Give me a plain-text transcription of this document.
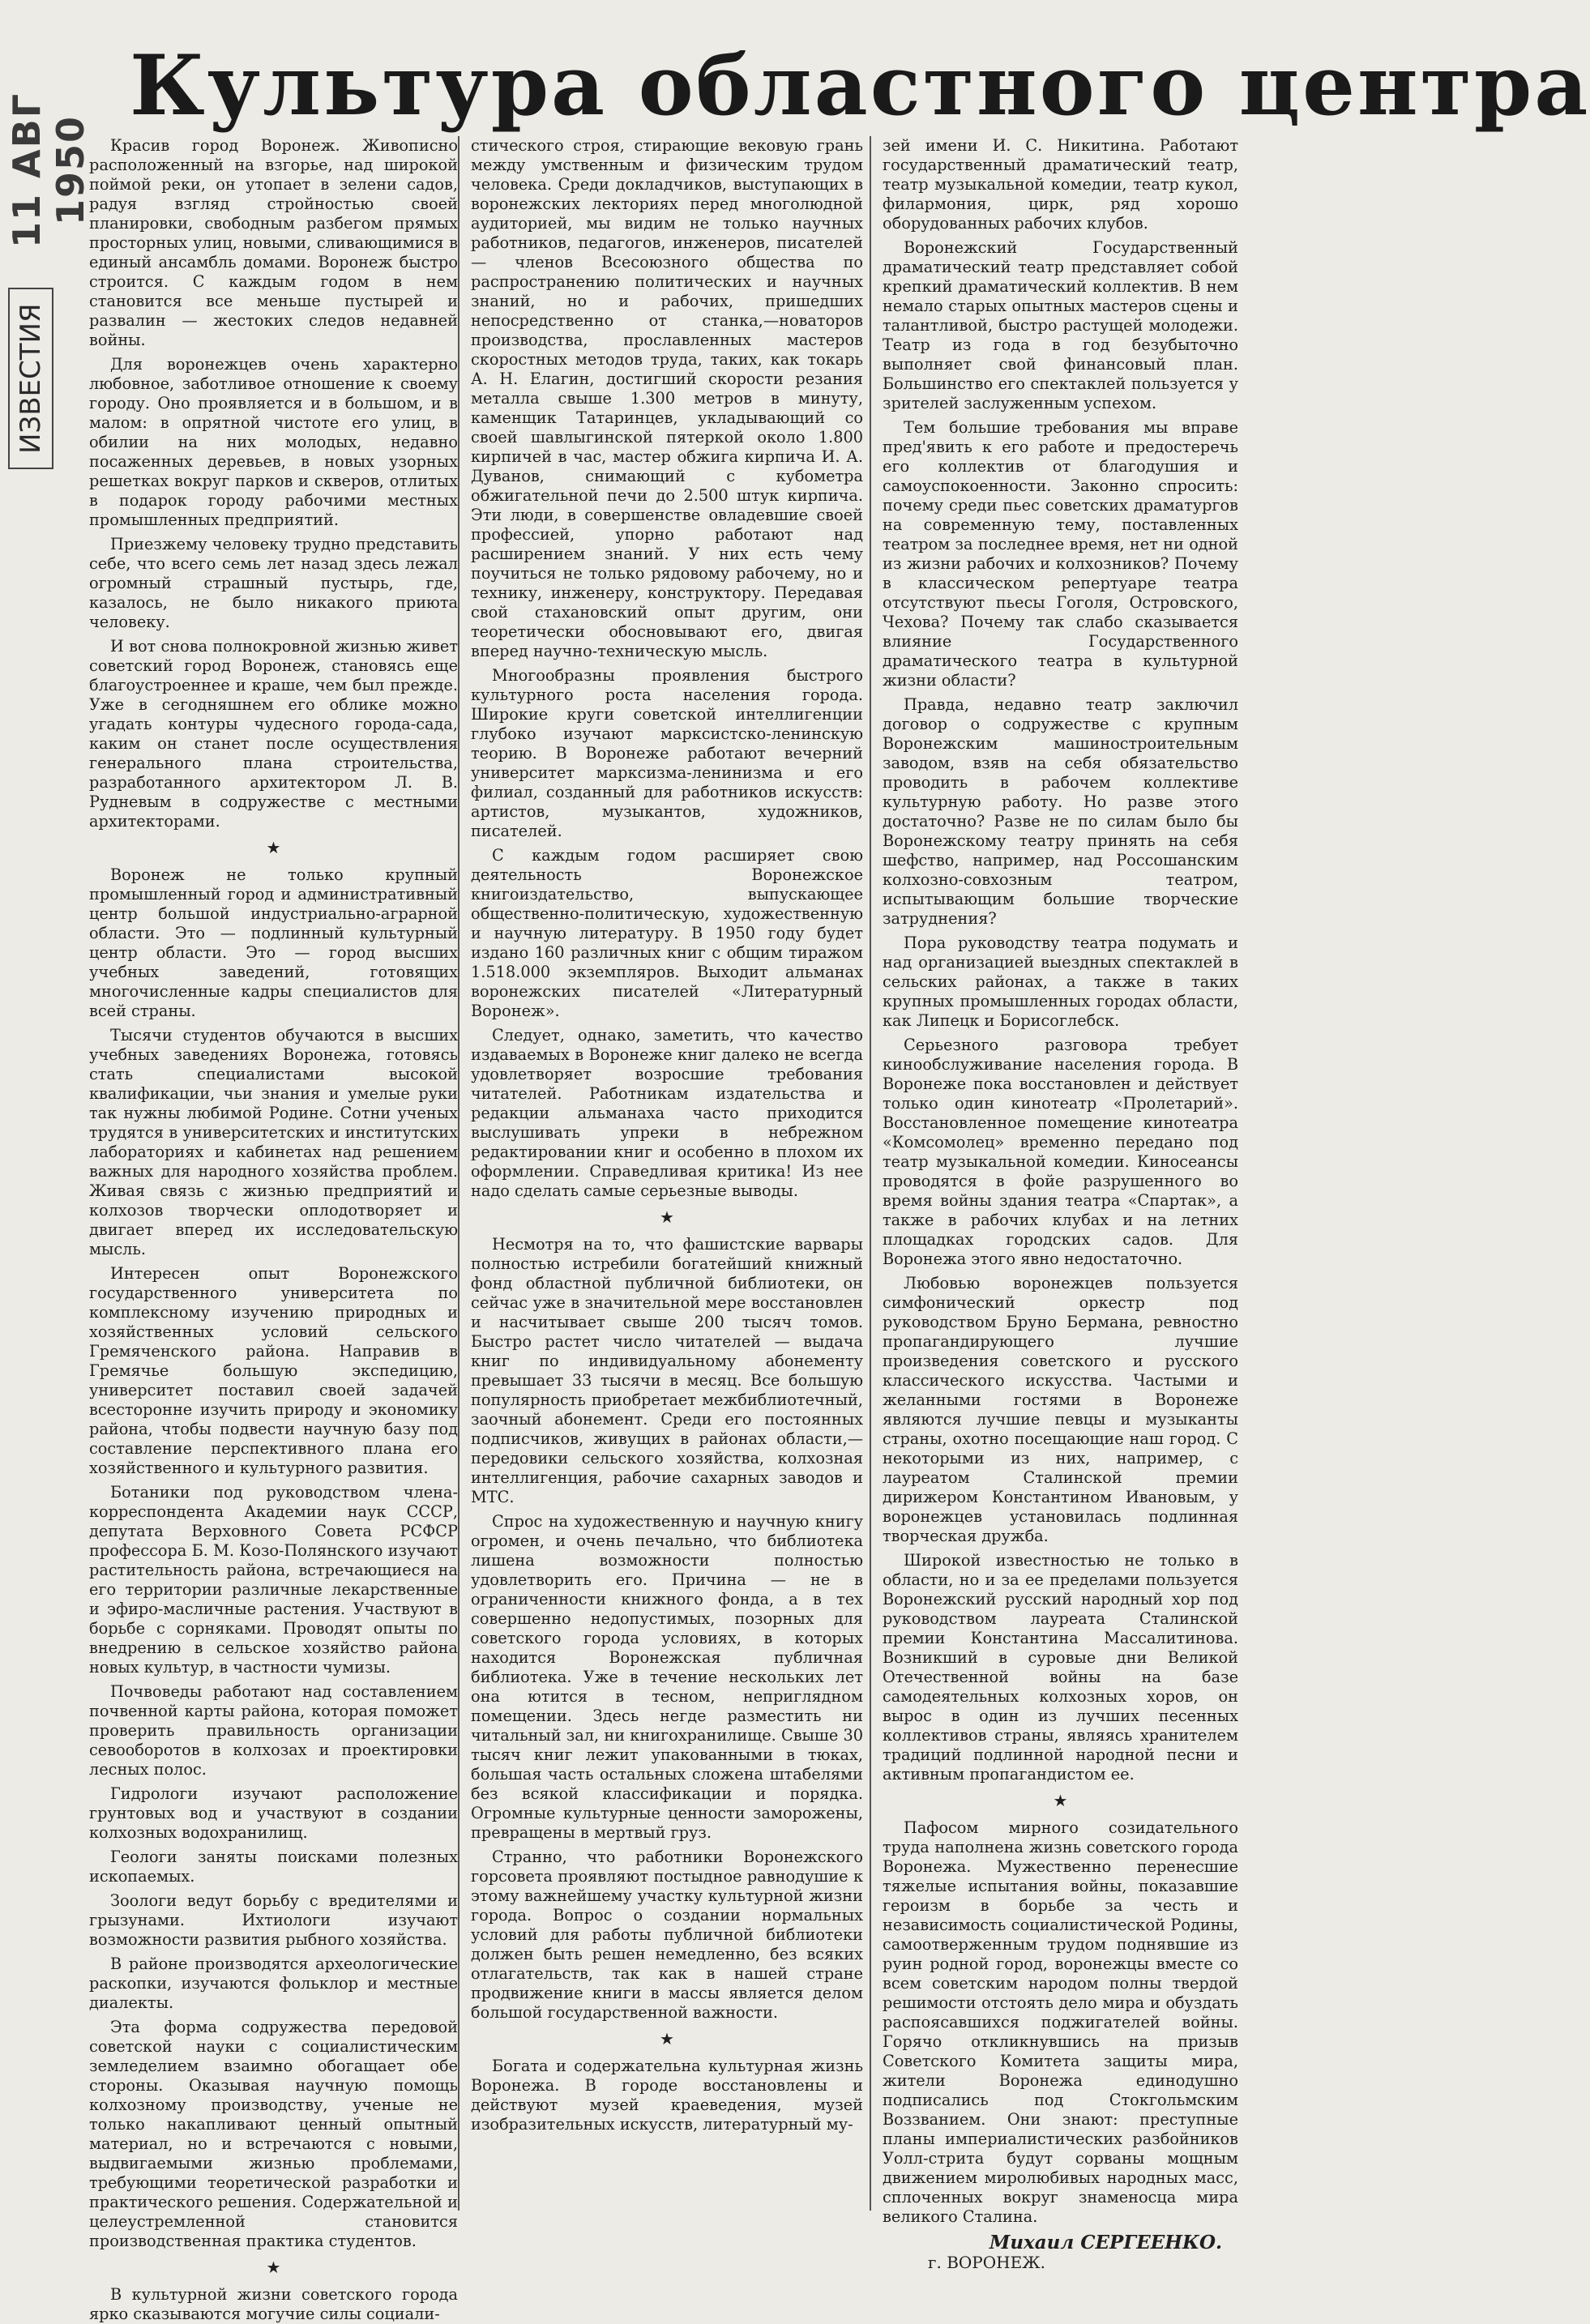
11 АВГ 1950
ИЗВЕСТИЯ
Культура областного центра

Красив город Воронеж. Живописно расположенный на взгорье, над широкой поймой реки, он утопает в зелени садов, радуя взгляд стройностью своей планировки, свободным разбегом прямых просторных улиц, новыми, сливающимися в единый ансамбль домами. Воронеж быстро строится. С каждым годом в нем становится все меньше пустырей и развалин — жестоких следов недавней войны.

Для воронежцев очень характерно любовное, заботливое отношение к своему городу. Оно проявляется и в большом, и в малом: в опрятной чистоте его улиц, в обилии на них молодых, недавно посаженных деревьев, в новых узорных решетках вокруг парков и скверов, отлитых в подарок городу рабочими местных промышленных предприятий.

Приезжему человеку трудно представить себе, что всего семь лет назад здесь лежал огромный страшный пустырь, где, казалось, не было никакого приюта человеку.

И вот снова полнокровной жизнью живет советский город Воронеж, становясь еще благоустроеннее и краше, чем был прежде. Уже в сегодняшнем его облике можно угадать контуры чудесного города-сада, каким он станет после осуществления генерального плана строительства, разработанного архитектором Л. В. Рудневым в содружестве с местными архитекторами.

★

Воронеж не только крупный промышленный город и административный центр большой индустриально-аграрной области. Это — подлинный культурный центр области. Это — город высших учебных заведений, готовящих многочисленные кадры специалистов для всей страны.

Тысячи студентов обучаются в высших учебных заведениях Воронежа, готовясь стать специалистами высокой квалификации, чьи знания и умелые руки так нужны любимой Родине. Сотни ученых трудятся в университетских и институтских лабораториях и кабинетах над решением важных для народного хозяйства проблем. Живая связь с жизнью предприятий и колхозов творчески оплодотворяет и двигает вперед их исследовательскую мысль.

Интересен опыт Воронежского государственного университета по комплексному изучению природных и хозяйственных условий сельского Гремяченского района. Направив в Гремячье большую экспедицию, университет поставил своей задачей всесторонне изучить природу и экономику района, чтобы подвести научную базу под составление перспективного плана его хозяйственного и культурного развития.

Ботаники под руководством члена-корреспондента Академии наук СССР, депутата Верховного Совета РСФСР профессора Б. М. Козо-Полянского изучают растительность района, встречающиеся на его территории различные лекарственные и эфиро-масличные растения. Участвуют в борьбе с сорняками. Проводят опыты по внедрению в сельское хозяйство района новых культур, в частности чумизы.

Почвоведы работают над составлением почвенной карты района, которая поможет проверить правильность организации севооборотов в колхозах и проектировки лесных полос.

Гидрологи изучают расположение грунтовых вод и участвуют в создании колхозных водохранилищ.

Геологи заняты поисками полезных ископаемых.

Зоологи ведут борьбу с вредителями и грызунами. Ихтиологи изучают возможности развития рыбного хозяйства.

В районе производятся археологические раскопки, изучаются фольклор и местные диалекты.

Эта форма содружества передовой советской науки с социалистическим земледелием взаимно обогащает обе стороны. Оказывая научную помощь колхозному производству, ученые не только накапливают ценный опытный материал, но и встречаются с новыми, выдвигаемыми жизнью проблемами, требующими теоретической разработки и практического решения. Содержательной и целеустремленной становится производственная практика студентов.

★

В культурной жизни советского города ярко сказываются могучие силы социали-

стического строя, стирающие вековую грань между умственным и физическим трудом человека. Среди докладчиков, выступающих в воронежских лекториях перед многолюдной аудиторией, мы видим не только научных работников, педагогов, инженеров, писателей — членов Всесоюзного общества по распространению политических и научных знаний, но и рабочих, пришедших непосредственно от станка,—новаторов производства, прославленных мастеров скоростных методов труда, таких, как токарь А. Н. Елагин, достигший скорости резания металла свыше 1.300 метров в минуту, каменщик Татаринцев, укладывающий со своей шавлыгинской пятеркой около 1.800 кирпичей в час, мастер обжига кирпича И. А. Дуванов, снимающий с кубометра обжигательной печи до 2.500 штук кирпича. Эти люди, в совершенстве овладевшие своей профессией, упорно работают над расширением знаний. У них есть чему поучиться не только рядовому рабочему, но и технику, инженеру, конструктору. Передавая свой стахановский опыт другим, они теоретически обосновывают его, двигая вперед научно-техническую мысль.

Многообразны проявления быстрого культурного роста населения города. Широкие круги советской интеллигенции глубоко изучают марксистско-ленинскую теорию. В Воронеже работают вечерний университет марксизма-ленинизма и его филиал, созданный для работников искусств: артистов, музыкантов, художников, писателей.

С каждым годом расширяет свою деятельность Воронежское книгоиздательство, выпускающее общественно-политическую, художественную и научную литературу. В 1950 году будет издано 160 различных книг с общим тиражом 1.518.000 экземпляров. Выходит альманах воронежских писателей «Литературный Воронеж».

Следует, однако, заметить, что качество издаваемых в Воронеже книг далеко не всегда удовлетворяет возросшие требования читателей. Работникам издательства и редакции альманаха часто приходится выслушивать упреки в небрежном редактировании книг и особенно в плохом их оформлении. Справедливая критика! Из нее надо сделать самые серьезные выводы.

★

Несмотря на то, что фашистские варвары полностью истребили богатейший книжный фонд областной публичной библиотеки, он сейчас уже в значительной мере восстановлен и насчитывает свыше 200 тысяч томов. Быстро растет число читателей — выдача книг по индивидуальному абонементу превышает 33 тысячи в месяц. Все большую популярность приобретает межбиблиотечный, заочный абонемент. Среди его постоянных подписчиков, живущих в районах области,— передовики сельского хозяйства, колхозная интеллигенция, рабочие сахарных заводов и МТС.

Спрос на художественную и научную книгу огромен, и очень печально, что библиотека лишена возможности полностью удовлетворить его. Причина — не в ограниченности книжного фонда, а в тех совершенно недопустимых, позорных для советского города условиях, в которых находится Воронежская публичная библиотека. Уже в течение нескольких лет она ютится в тесном, неприглядном помещении. Здесь негде разместить ни читальный зал, ни книгохранилище. Свыше 30 тысяч книг лежит упакованными в тюках, большая часть остальных сложена штабелями без всякой классификации и порядка. Огромные культурные ценности заморожены, превращены в мертвый груз.

Странно, что работники Воронежского горсовета проявляют постыдное равнодушие к этому важнейшему участку культурной жизни города. Вопрос о создании нормальных условий для работы публичной библиотеки должен быть решен немедленно, без всяких отлагательств, так как в нашей стране продвижение книги в массы является делом большой государственной важности.

★

Богата и содержательна культурная жизнь Воронежа. В городе восстановлены и действуют музей краеведения, музей изобразительных искусств, литературный му-

зей имени И. С. Никитина. Работают государственный драматический театр, театр музыкальной комедии, театр кукол, филармония, цирк, ряд хорошо оборудованных рабочих клубов.

Воронежский Государственный драматический театр представляет собой крепкий драматический коллектив. В нем немало старых опытных мастеров сцены и талантливой, быстро растущей молодежи. Театр из года в год безубыточно выполняет свой финансовый план. Большинство его спектаклей пользуется у зрителей заслуженным успехом.

Тем большие требования мы вправе пред'явить к его работе и предостеречь его коллектив от благодушия и самоуспокоенности. Законно спросить: почему среди пьес советских драматургов на современную тему, поставленных театром за последнее время, нет ни одной из жизни рабочих и колхозников? Почему в классическом репертуаре театра отсутствуют пьесы Гоголя, Островского, Чехова? Почему так слабо сказывается влияние Государственного драматического театра в культурной жизни области?

Правда, недавно театр заключил договор о содружестве с крупным Воронежским машиностроительным заводом, взяв на себя обязательство проводить в рабочем коллективе культурную работу. Но разве этого достаточно? Разве не по силам было бы Воронежскому театру принять на себя шефство, например, над Россошанским колхозно-совхозным театром, испытывающим большие творческие затруднения?

Пора руководству театра подумать и над организацией выездных спектаклей в сельских районах, а также в таких крупных промышленных городах области, как Липецк и Борисоглебск.

Серьезного разговора требует кинообслуживание населения города. В Воронеже пока восстановлен и действует только один кинотеатр «Пролетарий». Восстановленное помещение кинотеатра «Комсомолец» временно передано под театр музыкальной комедии. Киносеансы проводятся в фойе разрушенного во время войны здания театра «Спартак», а также в рабочих клубах и на летних площадках городских садов. Для Воронежа этого явно недостаточно.

Любовью воронежцев пользуется симфонический оркестр под руководством Бруно Бермана, ревностно пропагандирующего лучшие произведения советского и русского классического искусства. Частыми и желанными гостями в Воронеже являются лучшие певцы и музыканты страны, охотно посещающие наш город. С некоторыми из них, например, с лауреатом Сталинской премии дирижером Константином Ивановым, у воронежцев установилась подлинная творческая дружба.

Широкой известностью не только в области, но и за ее пределами пользуется Воронежский русский народный хор под руководством лауреата Сталинской премии Константина Массалитинова. Возникший в суровые дни Великой Отечественной войны на базе самодеятельных колхозных хоров, он вырос в один из лучших песенных коллективов страны, являясь хранителем традиций подлинной народной песни и активным пропагандистом ее.

★

Пафосом мирного созидательного труда наполнена жизнь советского города Воронежа. Мужественно перенесшие тяжелые испытания войны, показавшие героизм в борьбе за честь и независимость социалистической Родины, самоотверженным трудом поднявшие из руин родной город, воронежцы вместе со всем советским народом полны твердой решимости отстоять дело мира и обуздать распоясавшихся поджигателей войны. Горячо откликнувшись на призыв Советского Комитета защиты мира, жители Воронежа единодушно подписались под Стокгольмским Воззванием. Они знают: преступные планы империалистических разбойников Уолл-стрита будут сорваны мощным движением миролюбивых народных масс, сплоченных вокруг знаменосца мира великого Сталина.

Михаил СЕРГЕЕНКО.

г. ВОРОНЕЖ.
